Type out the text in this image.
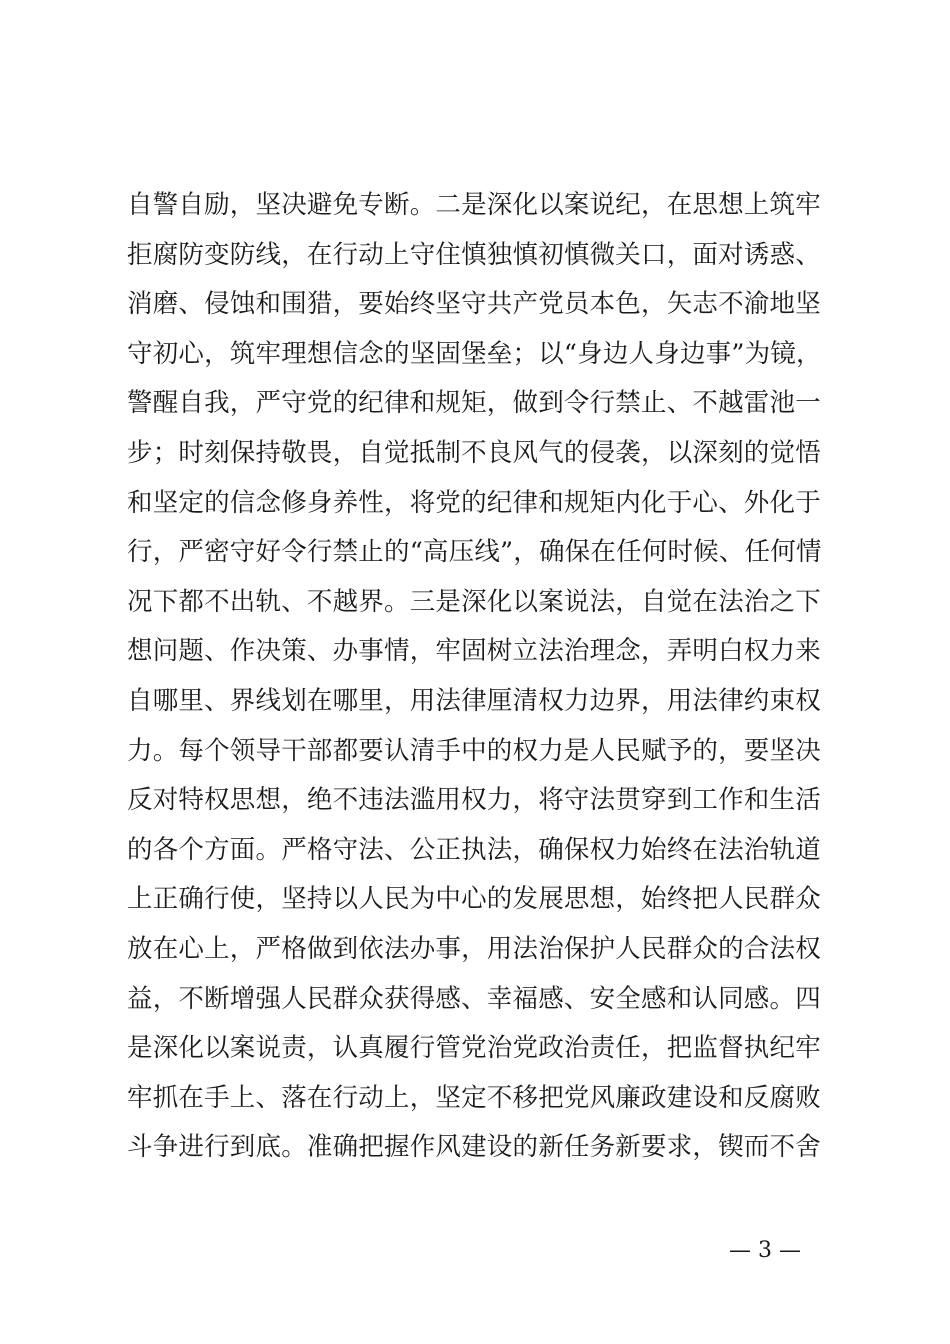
自警自励，坚决避免专断。二是深化以案说纪，在思想上筑牢
拒腐防变防线，在行动上守住慎独慎初慎微关口，面对诱惑、
消磨、侵蚀和围猎，要始终坚守共产党员本色，矢志不渝地坚
守初心，筑牢理想信念的坚固堡垒；以“身边人身边事”为镜，
警醒自我，严守党的纪律和规矩，做到令行禁止、不越雷池一
步；时刻保持敬畏，自觉抵制不良风气的侵袭，以深刻的觉悟
和坚定的信念修身养性，将党的纪律和规矩内化于心、外化于
行，严密守好令行禁止的“高压线”，确保在任何时候、任何情
况下都不出轨、不越界。三是深化以案说法，自觉在法治之下
想问题、作决策、办事情，牢固树立法治理念，弄明白权力来
自哪里、界线划在哪里，用法律厘清权力边界，用法律约束权
力。每个领导干部都要认清手中的权力是人民赋予的，要坚决
反对特权思想，绝不违法滥用权力，将守法贯穿到工作和生活
的各个方面。严格守法、公正执法，确保权力始终在法治轨道
上正确行使，坚持以人民为中心的发展思想，始终把人民群众
放在心上，严格做到依法办事，用法治保护人民群众的合法权
益，不断增强人民群众获得感、幸福感、安全感和认同感。四
是深化以案说责，认真履行管党治党政治责任，把监督执纪牢
牢抓在手上、落在行动上，坚定不移把党风廉政建设和反腐败
斗争进行到底。准确把握作风建设的新任务新要求，锲而不舍
— 3 —
